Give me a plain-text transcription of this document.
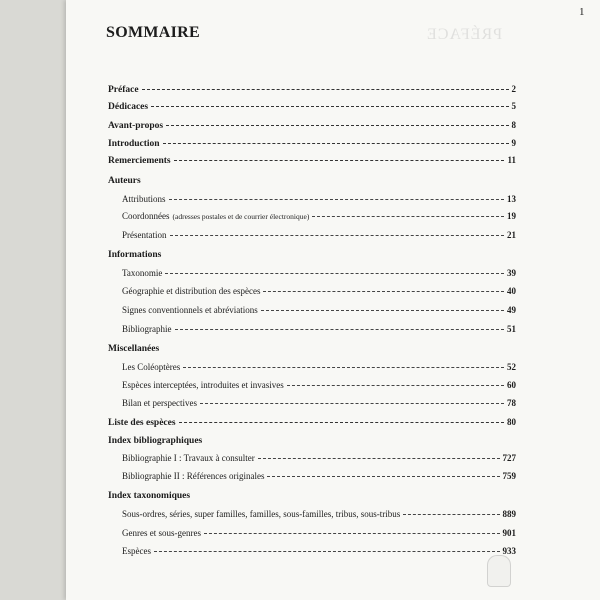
PRÉFACE
1
SOMMAIRE
Préface	2
Dédicaces	5
Avant-propos	8
Introduction	9
Remerciements	11
Auteurs
Attributions	13
Coordonnées (adresses postales et de courrier électronique)	19
Présentation	21
Informations
Taxonomie	39
Géographie et distribution des espèces	40
Signes conventionnels et abréviations	49
Bibliographie	51
Miscellanées
Les Coléoptères	52
Espèces interceptées, introduites et invasives	60
Bilan et perspectives	78
Liste des espèces	80
Index bibliographiques
Bibliographie I : Travaux à consulter	727
Bibliographie II : Références originales	759
Index taxonomiques
Sous-ordres, séries, super familles, familles, sous-familles, tribus, sous-tribus	889
Genres et sous-genres	901
Espèces	933
